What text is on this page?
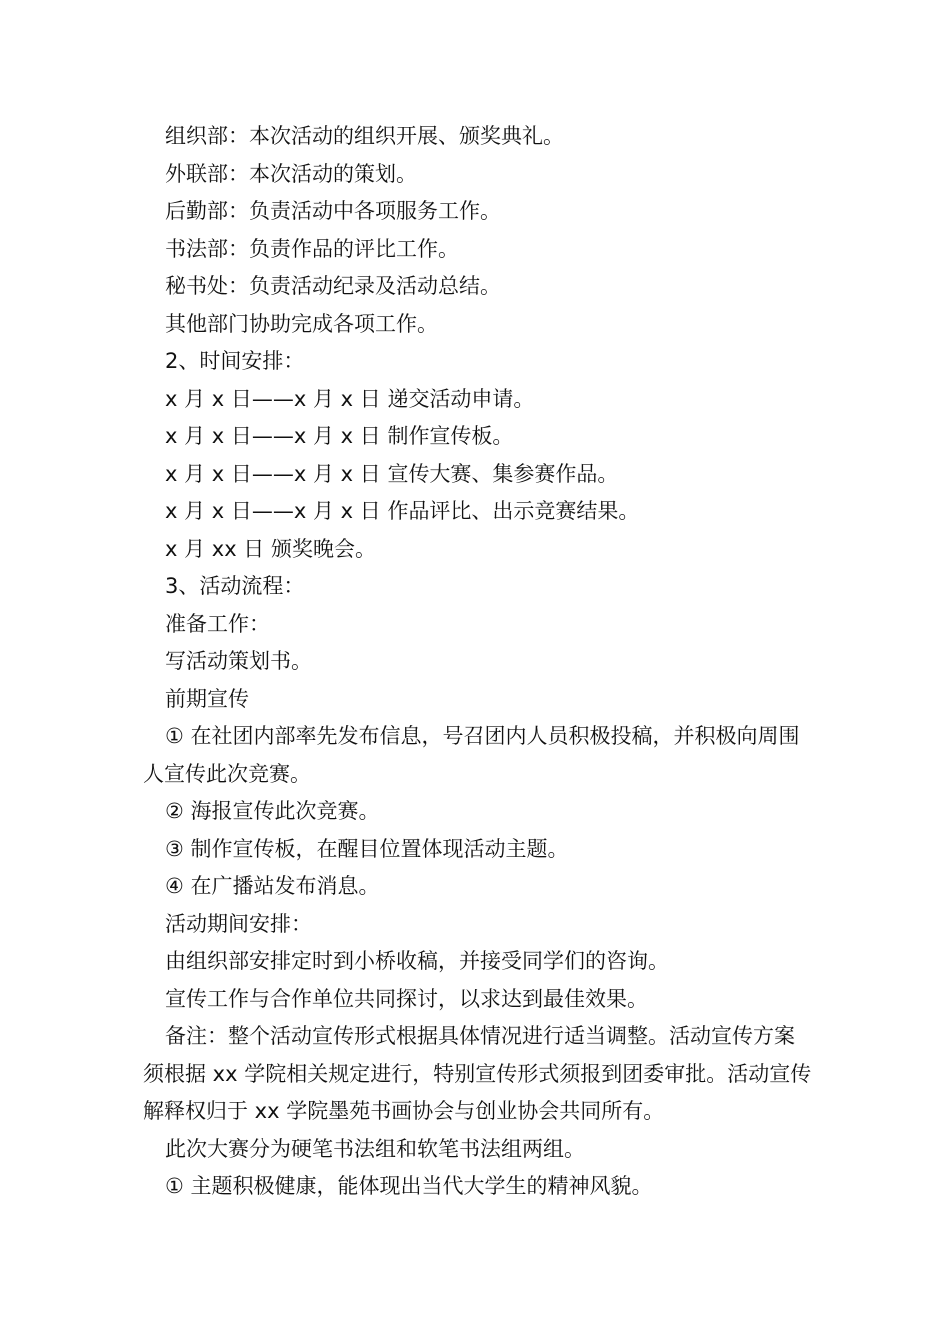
组织部：本次活动的组织开展、颁奖典礼。

外联部：本次活动的策划。

后勤部：负责活动中各项服务工作。

书法部：负责作品的评比工作。

秘书处：负责活动纪录及活动总结。

其他部门协助完成各项工作。

2、时间安排：

x 月 x 日——x 月 x 日 递交活动申请。

x 月 x 日——x 月 x 日 制作宣传板。

x 月 x 日——x 月 x 日 宣传大赛、集参赛作品。

x 月 x 日——x 月 x 日 作品评比、出示竞赛结果。

x 月 xx 日 颁奖晚会。

3、活动流程：

准备工作：

写活动策划书。

前期宣传

① 在社团内部率先发布信息，号召团内人员积极投稿，并积极向周围人宣传此次竞赛。

② 海报宣传此次竞赛。

③ 制作宣传板，在醒目位置体现活动主题。

④ 在广播站发布消息。

活动期间安排：

由组织部安排定时到小桥收稿，并接受同学们的咨询。

宣传工作与合作单位共同探讨，以求达到最佳效果。

备注：整个活动宣传形式根据具体情况进行适当调整。活动宣传方案须根据 xx 学院相关规定进行，特别宣传形式须报到团委审批。活动宣传解释权归于 xx 学院墨苑书画协会与创业协会共同所有。

此次大赛分为硬笔书法组和软笔书法组两组。

① 主题积极健康，能体现出当代大学生的精神风貌。
